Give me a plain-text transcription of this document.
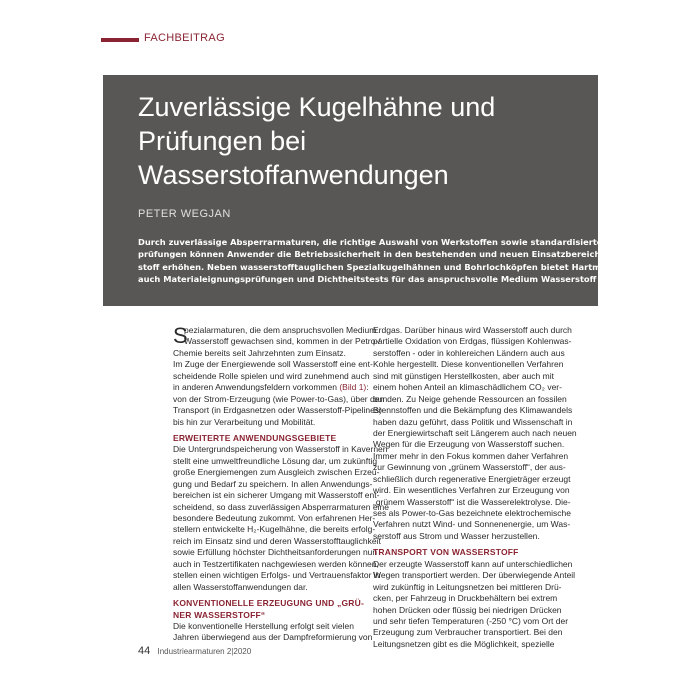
FACHBEITRAG
Zuverlässige Kugelhähne und
Prüfungen bei
Wasserstoffanwendungen
PETER WEGJAN
Durch zuverlässige Absperrarmaturen, die richtige Auswahl von Werkstoffen sowie standardisierte Druck-
prüfungen können Anwender die Betriebssicherheit in den bestehenden und neuen Einsatzbereichen von Wasser-
stoff erhöhen. Neben wasserstofftauglichen Spezialkugelhähnen und Bohrlochköpfen bietet Hartmann Valves jetzt
auch Materialeignungsprüfungen und Dichtheitstests für das anspruchsvolle Medium Wasserstoff (H₂) an.
S
pezialarmaturen, die dem anspruchsvollen Medium
Wasserstoff gewachsen sind, kommen in der Petro-/
Chemie bereits seit Jahrzehnten zum Einsatz.
Im Zuge der Energiewende soll Wasserstoff eine ent-
scheidende Rolle spielen und wird zunehmend auch
in anderen Anwendungsfeldern vorkommen (Bild 1):
von der Strom-Erzeugung (wie Power-to-Gas), über den
Transport (in Erdgasnetzen oder Wasserstoff-Pipelines)
bis hin zur Verarbeitung und Mobilität.
ERWEITERTE ANWENDUNGSGEBIETE
Die Untergrundspeicherung von Wasserstoff in Kavernen
stellt eine umweltfreundliche Lösung dar, um zukünftig
große Energiemengen zum Ausgleich zwischen Erzeu-
gung und Bedarf zu speichern. In allen Anwendungs-
bereichen ist ein sicherer Umgang mit Wasserstoff ent-
scheidend, so dass zuverlässigen Absperrarmaturen eine
besondere Bedeutung zukommt. Von erfahrenen Her-
stellern entwickelte H₂-Kugelhähne, die bereits erfolg-
reich im Einsatz sind und deren Wasserstofftauglichkeit
sowie Erfüllung höchster Dichtheitsanforderungen nun
auch in Testzertifikaten nachgewiesen werden können,
stellen einen wichtigen Erfolgs- und Vertrauensfaktor in
allen Wasserstoffanwendungen dar.
KONVENTIONELLE ERZEUGUNG UND „GRÜ-
NER WASSERSTOFF“
Die konventionelle Herstellung erfolgt seit vielen
Jahren überwiegend aus der Dampfreformierung von
Erdgas. Darüber hinaus wird Wasserstoff auch durch
partielle Oxidation von Erdgas, flüssigen Kohlenwas-
serstoffen - oder in kohlereichen Ländern auch aus
Kohle hergestellt. Diese konventionellen Verfahren
sind mit günstigen Herstellkosten, aber auch mit
einem hohen Anteil an klimaschädlichem CO₂ ver-
bunden. Zu Neige gehende Ressourcen an fossilen
Brennstoffen und die Bekämpfung des Klimawandels
haben dazu geführt, dass Politik und Wissenschaft in
der Energiewirtschaft seit Längerem auch nach neuen
Wegen für die Erzeugung von Wasserstoff suchen.
Immer mehr in den Fokus kommen daher Verfahren
zur Gewinnung von „grünem Wasserstoff“, der aus-
schließlich durch regenerative Energieträger erzeugt
wird. Ein wesentliches Verfahren zur Erzeugung von
„grünem Wasserstoff“ ist die Wasserelektrolyse. Die-
ses als Power-to-Gas bezeichnete elektrochemische
Verfahren nutzt Wind- und Sonnenenergie, um Was-
serstoff aus Strom und Wasser herzustellen.
TRANSPORT VON WASSERSTOFF
Der erzeugte Wasserstoff kann auf unterschiedlichen
Wegen transportiert werden. Der überwiegende Anteil
wird zukünftig in Leitungsnetzen bei mittleren Drü-
cken, per Fahrzeug in Druckbehältern bei extrem
hohen Drücken oder flüssig bei niedrigen Drücken
und sehr tiefen Temperaturen (-250 °C) vom Ort der
Erzeugung zum Verbraucher transportiert. Bei den
Leitungsnetzen gibt es die Möglichkeit, spezielle
44 Industriearmaturen 2|2020
